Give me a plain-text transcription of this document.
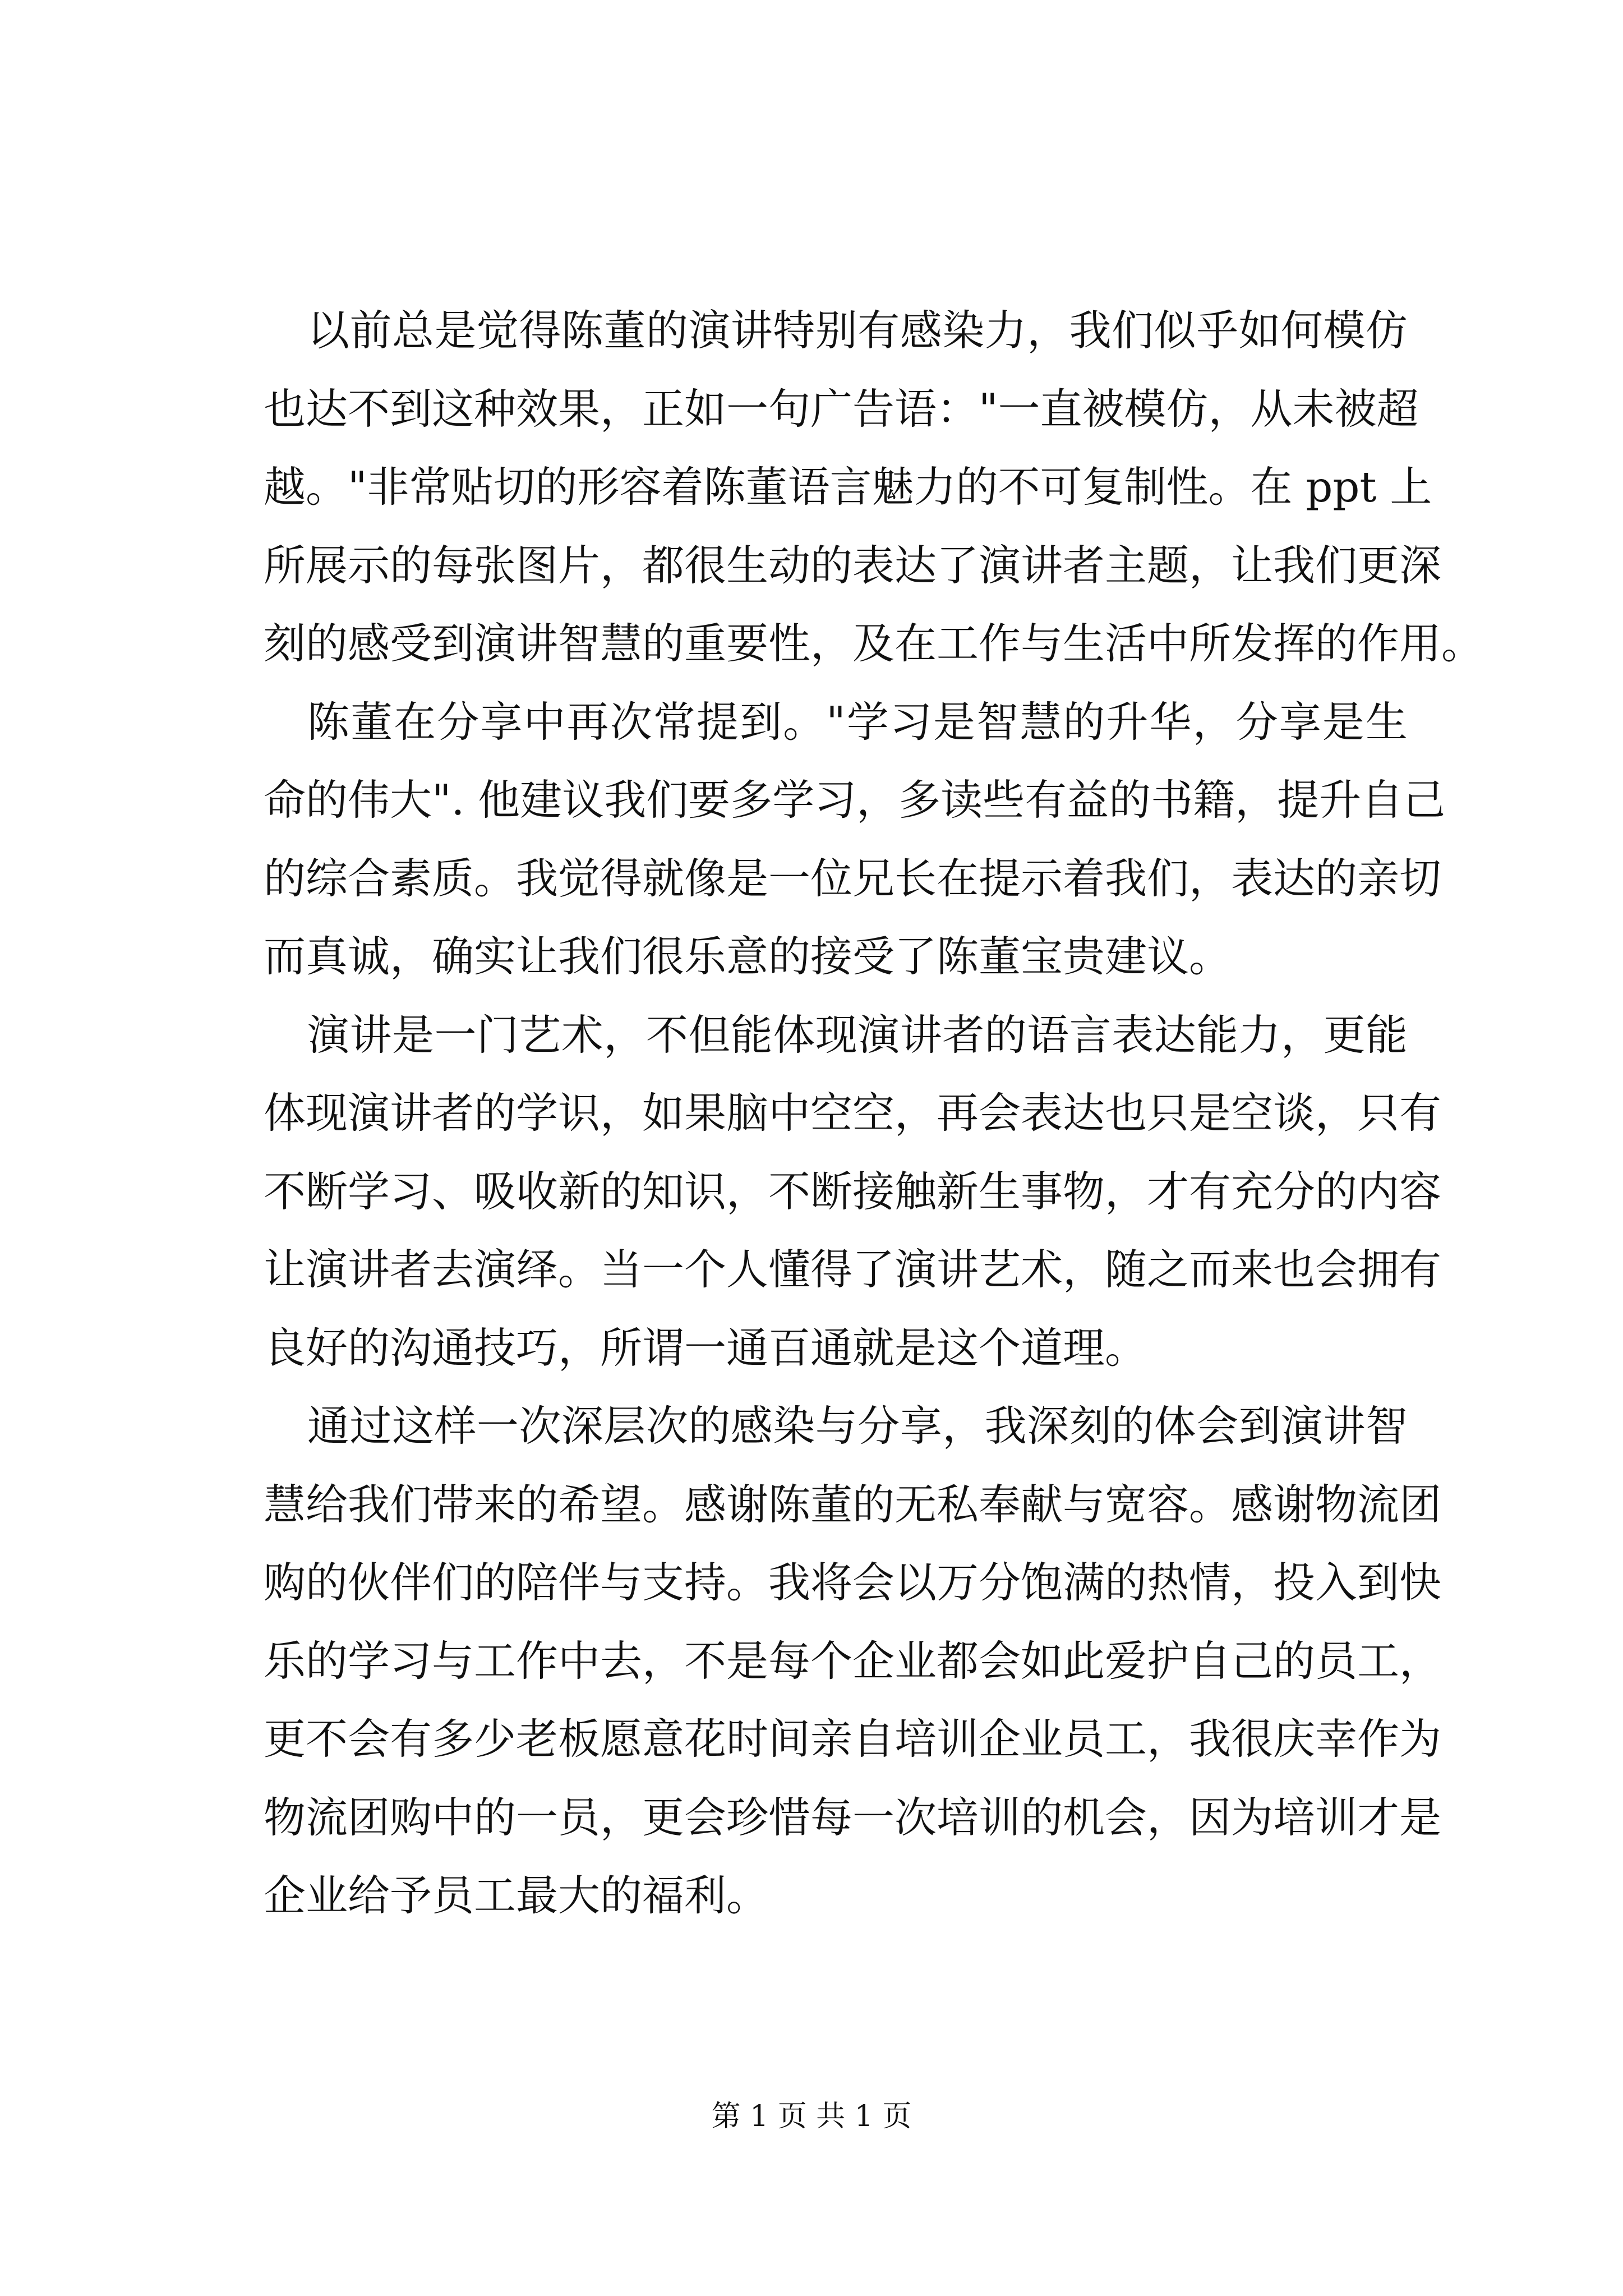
以前总是觉得陈董的演讲特别有感染力，我们似乎如何模仿
也达不到这种效果，正如一句广告语："一直被模仿，从未被超
越。"非常贴切的形容着陈董语言魅力的不可复制性。在 ppt 上
所展示的每张图片，都很生动的表达了演讲者主题，让我们更深
刻的感受到演讲智慧的重要性，及在工作与生活中所发挥的作用。
陈董在分享中再次常提到。"学习是智慧的升华，分享是生
命的伟大". 他建议我们要多学习，多读些有益的书籍，提升自己
的综合素质。我觉得就像是一位兄长在提示着我们，表达的亲切
而真诚，确实让我们很乐意的接受了陈董宝贵建议。
演讲是一门艺术，不但能体现演讲者的语言表达能力，更能
体现演讲者的学识，如果脑中空空，再会表达也只是空谈，只有
不断学习、吸收新的知识，不断接触新生事物，才有充分的内容
让演讲者去演绎。当一个人懂得了演讲艺术，随之而来也会拥有
良好的沟通技巧，所谓一通百通就是这个道理。
通过这样一次深层次的感染与分享，我深刻的体会到演讲智
慧给我们带来的希望。感谢陈董的无私奉献与宽容。感谢物流团
购的伙伴们的陪伴与支持。我将会以万分饱满的热情，投入到快
乐的学习与工作中去，不是每个企业都会如此爱护自己的员工，
更不会有多少老板愿意花时间亲自培训企业员工，我很庆幸作为
物流团购中的一员，更会珍惜每一次培训的机会，因为培训才是
企业给予员工最大的福利。
第 1 页 共 1 页
